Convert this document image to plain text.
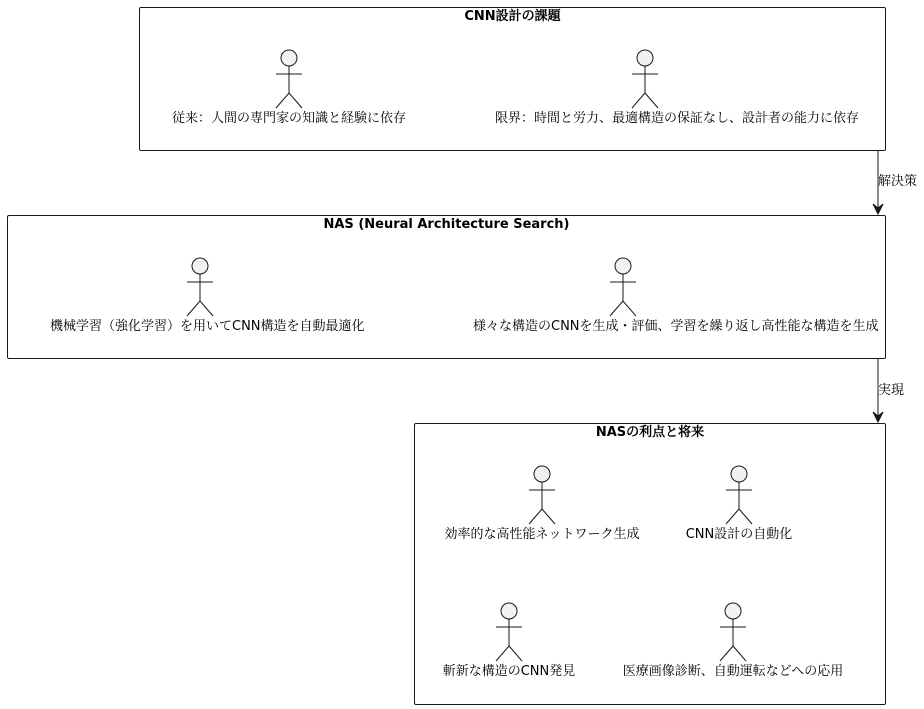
CNN設計の課題
NAS (Neural Architecture Search)
NASの利点と将来
従来：人間の専門家の知識と経験に依存	限界：時間と労力、最適構造の保証なし、設計者の能力に依存
機械学習（強化学習）を用いてCNN構造を自動最適化	様々な構造のCNNを生成・評価、学習を繰り返し高性能な構造を生成
効率的な高性能ネットワーク生成	CNN設計の自動化
斬新な構造のCNN発見	医療画像診断、自動運転などへの応用
解決策
実現
